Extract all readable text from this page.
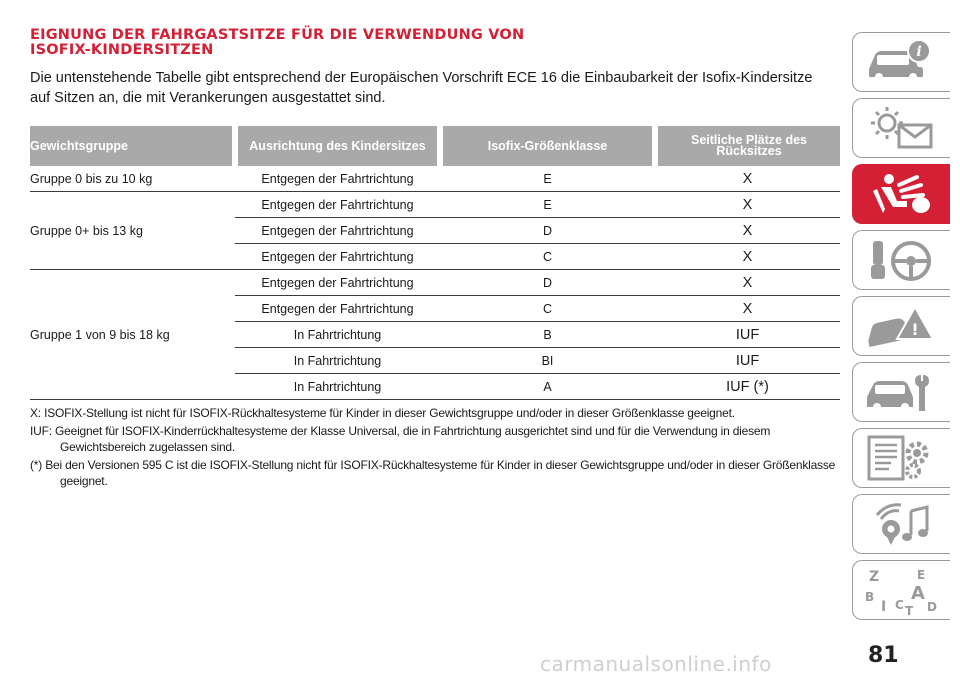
EIGNUNG DER FAHRGASTSITZE FÜR DIE VERWENDUNG VON
ISOFIX-KINDERSITZEN
Die untenstehende Tabelle gibt entsprechend der Europäischen Vorschrift ECE 16 die Einbaubarkeit der Isofix-Kindersitze auf Sitzen an, die mit Verankerungen ausgestattet sind.
Gewichtsgruppe	Ausrichtung des Kindersitzes	Isofix-Größenklasse	Seitliche Plätze des Rücksitzes

Gruppe 0 bis zu 10 kg	Entgegen der Fahrtrichtung	E	X
Gruppe 0+ bis 13 kg	Entgegen der Fahrtrichtung	E	X
	Entgegen der Fahrtrichtung	D	X
	Entgegen der Fahrtrichtung	C	X
Gruppe 1 von 9 bis 18 kg	Entgegen der Fahrtrichtung	D	X
	Entgegen der Fahrtrichtung	C	X
	In Fahrtrichtung	B	IUF
	In Fahrtrichtung	BI	IUF
	In Fahrtrichtung	A	IUF (*)
X: ISOFIX-Stellung ist nicht für ISOFIX-Rückhaltesysteme für Kinder in dieser Gewichtsgruppe und/oder in dieser Größenklasse geeignet.
IUF: Geeignet für ISOFIX-Kinderrückhaltesysteme der Klasse Universal, die in Fahrtrichtung ausgerichtet sind und für die Verwendung in diesem Gewichtsbereich zugelassen sind.
(*) Bei den Versionen 595 C ist die ISOFIX-Stellung nicht für ISOFIX-Rückhaltesysteme für Kinder in dieser Gewichtsgruppe und/oder in dieser Größenklasse geeignet.
i
!
Z	E B A I C D T
81
carmanualsonline.info
